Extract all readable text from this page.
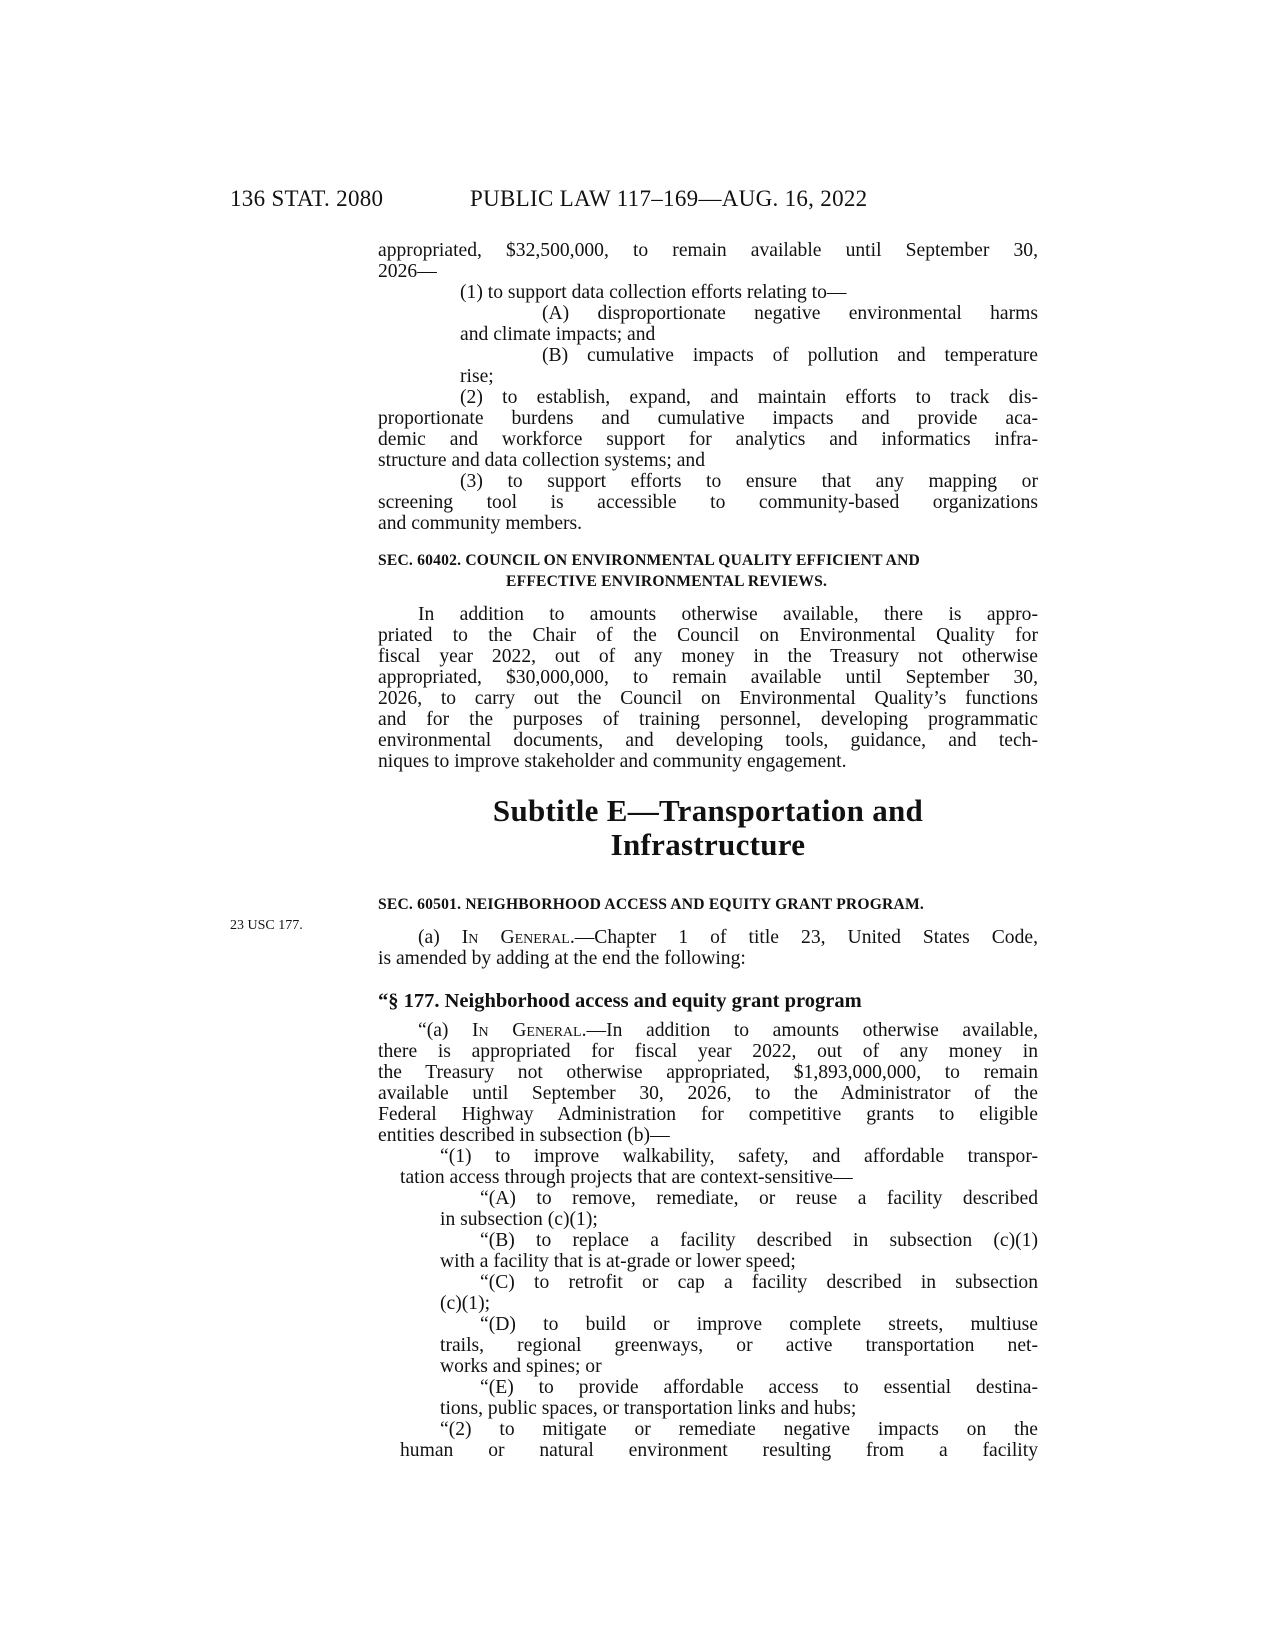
136 STAT. 2080	PUBLIC LAW 117–169—AUG. 16, 2022
appropriated, $32,500,000, to remain available until September 30,
2026—
(1) to support data collection efforts relating to—
(A) disproportionate negative environmental harms
and climate impacts; and
(B) cumulative impacts of pollution and temperature
rise;
(2) to establish, expand, and maintain efforts to track dis-
proportionate burdens and cumulative impacts and provide aca-
demic and workforce support for analytics and informatics infra-
structure and data collection systems; and
(3) to support efforts to ensure that any mapping or
screening tool is accessible to community-based organizations
and community members.
SEC. 60402. COUNCIL ON ENVIRONMENTAL QUALITY EFFICIENT AND
EFFECTIVE ENVIRONMENTAL REVIEWS.
In addition to amounts otherwise available, there is appro-
priated to the Chair of the Council on Environmental Quality for
fiscal year 2022, out of any money in the Treasury not otherwise
appropriated, $30,000,000, to remain available until September 30,
2026, to carry out the Council on Environmental Quality’s functions
and for the purposes of training personnel, developing programmatic
environmental documents, and developing tools, guidance, and tech-
niques to improve stakeholder and community engagement.
Subtitle E—Transportation and
Infrastructure
SEC. 60501. NEIGHBORHOOD ACCESS AND EQUITY GRANT PROGRAM.
(a) In General.—Chapter 1 of title 23, United States Code,
is amended by adding at the end the following:
“§ 177. Neighborhood access and equity grant program
“(a) In General.—In addition to amounts otherwise available,
there is appropriated for fiscal year 2022, out of any money in
the Treasury not otherwise appropriated, $1,893,000,000, to remain
available until September 30, 2026, to the Administrator of the
Federal Highway Administration for competitive grants to eligible
entities described in subsection (b)—
“(1) to improve walkability, safety, and affordable transpor-
tation access through projects that are context-sensitive—
“(A) to remove, remediate, or reuse a facility described
in subsection (c)(1);
“(B) to replace a facility described in subsection (c)(1)
with a facility that is at-grade or lower speed;
“(C) to retrofit or cap a facility described in subsection
(c)(1);
“(D) to build or improve complete streets, multiuse
trails, regional greenways, or active transportation net-
works and spines; or
“(E) to provide affordable access to essential destina-
tions, public spaces, or transportation links and hubs;
“(2) to mitigate or remediate negative impacts on the
human or natural environment resulting from a facility
23 USC 177.
